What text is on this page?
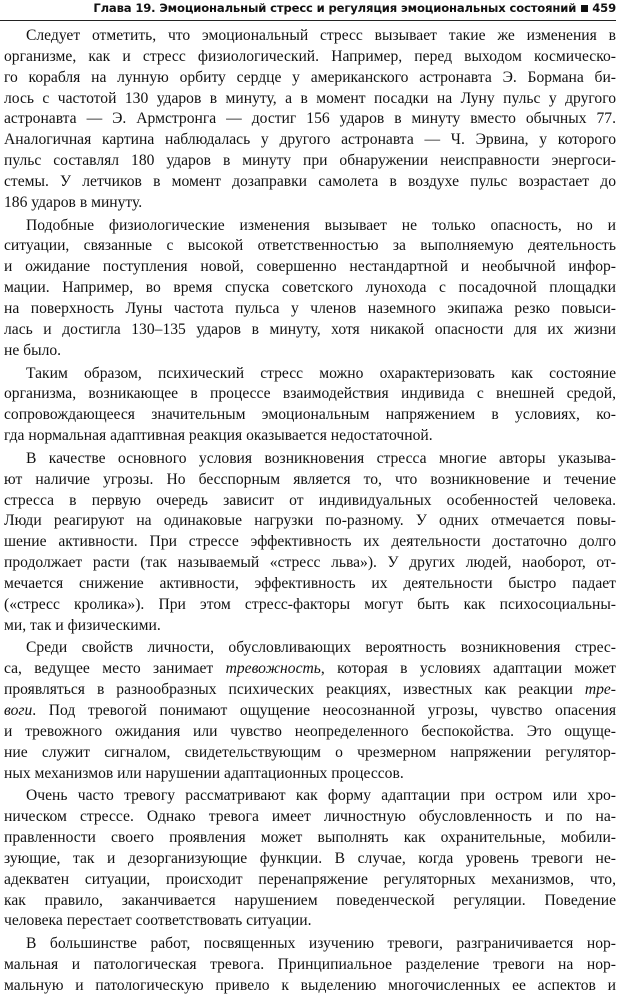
Глава 19. Эмоциональный стресс и регуляция эмоциональных состояний 459
Следует отметить, что эмоциональный стресс вызывает такие же изменения в
организме, как и стресс физиологический. Например, перед выходом космическо-
го корабля на лунную орбиту сердце у американского астронавта Э. Бормана би-
лось с частотой 130 ударов в минуту, а в момент посадки на Луну пульс у другого
астронавта — Э. Армстронга — достиг 156 ударов в минуту вместо обычных 77.
Аналогичная картина наблюдалась у другого астронавта — Ч. Эрвина, у которого
пульс составлял 180 ударов в минуту при обнаружении неисправности энергоси-
стемы. У летчиков в момент дозаправки самолета в воздухе пульс возрастает до
186 ударов в минуту.
Подобные физиологические изменения вызывает не только опасность, но и
ситуации, связанные с высокой ответственностью за выполняемую деятельность
и ожидание поступления новой, совершенно нестандартной и необычной инфор-
мации. Например, во время спуска советского лунохода с посадочной площадки
на поверхность Луны частота пульса у членов наземного экипажа резко повыси-
лась и достигла 130–135 ударов в минуту, хотя никакой опасности для их жизни
не было.
Таким образом, психический стресс можно охарактеризовать как состояние
организма, возникающее в процессе взаимодействия индивида с внешней средой,
сопровождающееся значительным эмоциональным напряжением в условиях, ко-
гда нормальная адаптивная реакция оказывается недостаточной.
В качестве основного условия возникновения стресса многие авторы указыва-
ют наличие угрозы. Но бесспорным является то, что возникновение и течение
стресса в первую очередь зависит от индивидуальных особенностей человека.
Люди реагируют на одинаковые нагрузки по-разному. У одних отмечается повы-
шение активности. При стрессе эффективность их деятельности достаточно долго
продолжает расти (так называемый «стресс льва»). У других людей, наоборот, от-
мечается снижение активности, эффективность их деятельности быстро падает
(«стресс кролика»). При этом стресс-факторы могут быть как психосоциальны-
ми, так и физическими.
Среди свойств личности, обусловливающих вероятность возникновения стрес-
са, ведущее место занимает тревожность, которая в условиях адаптации может
проявляться в разнообразных психических реакциях, известных как реакции тре-
воги. Под тревогой понимают ощущение неосознанной угрозы, чувство опасения
и тревожного ожидания или чувство неопределенного беспокойства. Это ощуще-
ние служит сигналом, свидетельствующим о чрезмерном напряжении регулятор-
ных механизмов или нарушении адаптационных процессов.
Очень часто тревогу рассматривают как форму адаптации при остром или хро-
ническом стрессе. Однако тревога имеет личностную обусловленность и по на-
правленности своего проявления может выполнять как охранительные, мобили-
зующие, так и дезорганизующие функции. В случае, когда уровень тревоги не-
адекватен ситуации, происходит перенапряжение регуляторных механизмов, что,
как правило, заканчивается нарушением поведенческой регуляции. Поведение
человека перестает соответствовать ситуации.
В большинстве работ, посвященных изучению тревоги, разграничивается нор-
мальная и патологическая тревога. Принципиальное разделение тревоги на нор-
мальную и патологическую привело к выделению многочисленных ее аспектов и
